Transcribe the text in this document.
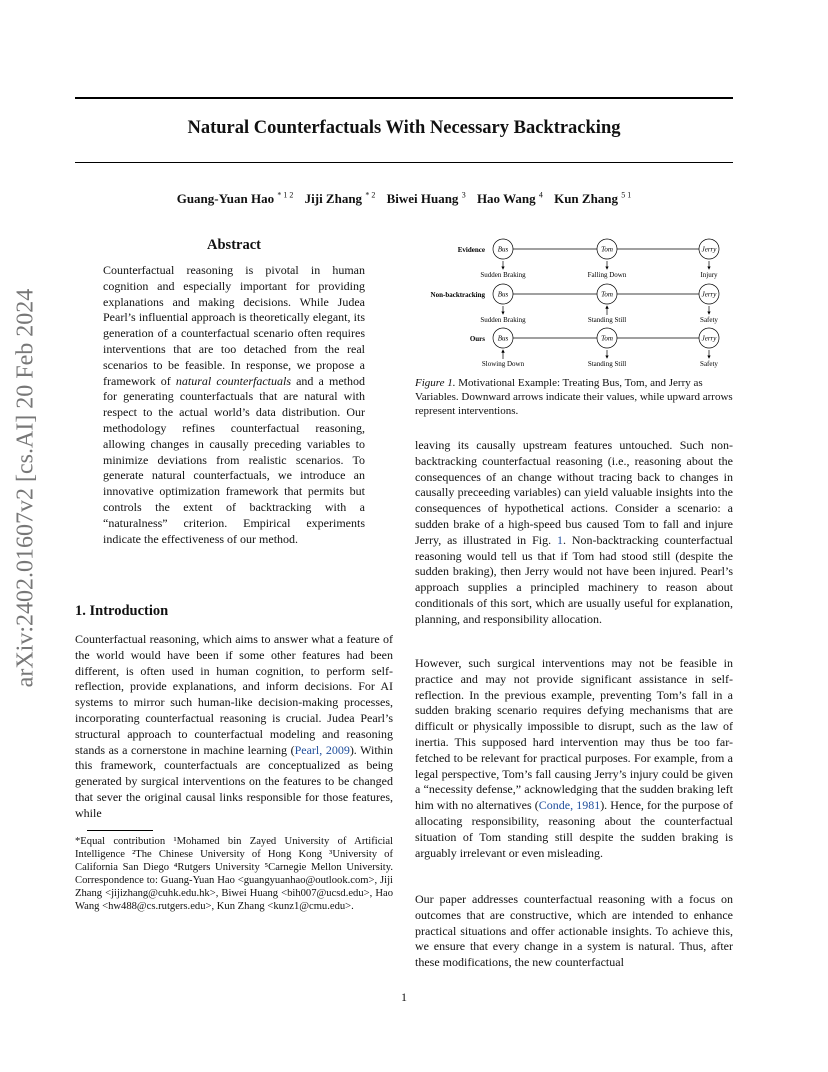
Natural Counterfactuals With Necessary Backtracking
arXiv:2402.01607v2 [cs.AI] 20 Feb 2024
Guang-Yuan Hao $^{* 1 2}$ Jiji Zhang $^{* 2}$ Biwei Huang $^3$ Hao Wang $^4$ Kun Zhang $^{5 1}$
Abstract
Counterfactual reasoning is pivotal in human cognition and especially important for providing explanations and making decisions. While Judea Pearl’s influential approach is theoretically elegant, its generation of a counterfactual scenario often requires interventions that are too detached from the real scenarios to be feasible. In response, we propose a framework of natural counterfactuals and a method for generating counterfactuals that are natural with respect to the actual world’s data distribution. Our methodology refines counterfactual reasoning, allowing changes in causally preceding variables to minimize deviations from realistic scenarios. To generate natural counterfactuals, we introduce an innovative optimization framework that permits but controls the extent of backtracking with a “naturalness” criterion. Empirical experiments indicate the effectiveness of our method.
1. Introduction
Counterfactual reasoning, which aims to answer what a feature of the world would have been if some other features had been different, is often used in human cognition, to perform self-reflection, provide explanations, and inform decisions. For AI systems to mirror such human-like decision-making processes, incorporating counterfactual reasoning is crucial. Judea Pearl’s structural approach to counterfactual modeling and reasoning stands as a cornerstone in machine learning (Pearl, 2009). Within this framework, counterfactuals are conceptualized as being generated by surgical interventions on the features to be changed that sever the original causal links responsible for those features, while
*Equal contribution ¹Mohamed bin Zayed University of Artificial Intelligence ²The Chinese University of Hong Kong ³University of California San Diego ⁴Rutgers University ⁵Carnegie Mellon University. Correspondence to: Guang-Yuan Hao <guangyuanhao@outlook.com>, Jiji Zhang <jijizhang@cuhk.edu.hk>, Biwei Huang <bih007@ucsd.edu>, Hao Wang <hw488@cs.rutgers.edu>, Kun Zhang <kunz1@cmu.edu>.
Evidence Bus
Sudden Braking
Tom
Falling Down
Jerry
Injury
Non-backtracking Bus
Sudden Braking
Tom
Standing Still
Jerry
Safety
Ours Bus
Slowing Down
Tom
Standing Still
Jerry
Safety
Figure 1. Motivational Example: Treating Bus, Tom, and Jerry as Variables. Downward arrows indicate their values, while upward arrows represent interventions.
leaving its causally upstream features untouched. Such non-backtracking counterfactual reasoning (i.e., reasoning about the consequences of an change without tracing back to changes in causally preceeding variables) can yield valuable insights into the consequences of hypothetical actions. Consider a scenario: a sudden brake of a high-speed bus caused Tom to fall and injure Jerry, as illustrated in Fig. 1. Non-backtracking counterfactual reasoning would tell us that if Tom had stood still (despite the sudden braking), then Jerry would not have been injured. Pearl’s approach supplies a principled machinery to reason about conditionals of this sort, which are usually useful for explanation, planning, and responsibility allocation.
However, such surgical interventions may not be feasible in practice and may not provide significant assistance in self-reflection. In the previous example, preventing Tom’s fall in a sudden braking scenario requires defying mechanisms that are difficult or physically impossible to disrupt, such as the law of inertia. This supposed hard intervention may thus be too far-fetched to be relevant for practical purposes. For example, from a legal perspective, Tom’s fall causing Jerry’s injury could be given a “necessity defense,” acknowledging that the sudden braking left him with no alternatives (Conde, 1981). Hence, for the purpose of allocating responsibility, reasoning about the counterfactual situation of Tom standing still despite the sudden braking is arguably irrelevant or even misleading.
Our paper addresses counterfactual reasoning with a focus on outcomes that are constructive, which are intended to enhance practical situations and offer actionable insights. To achieve this, we ensure that every change in a system is natural. Thus, after these modifications, the new counterfactual
1
